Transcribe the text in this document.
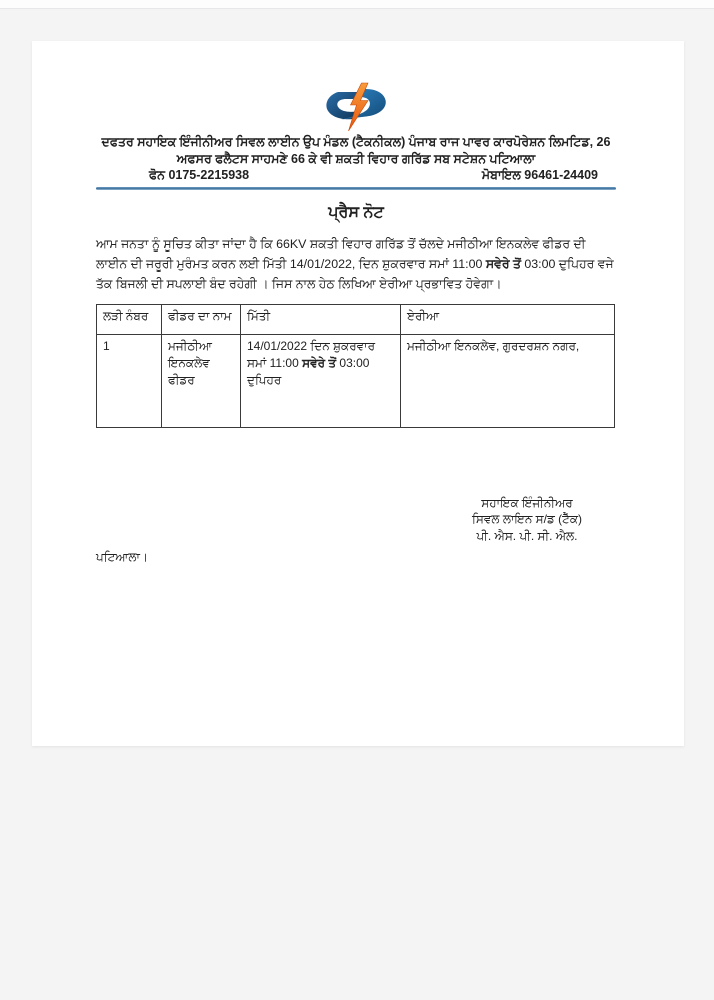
ਦਫਤਰ ਸਹਾਇਕ ਇੰਜੀਨੀਅਰ ਸਿਵਲ ਲਾਈਨ ਉਪ ਮੰਡਲ (ਟੈਕਨੀਕਲ) ਪੰਜਾਬ ਰਾਜ ਪਾਵਰ ਕਾਰਪੋਰੇਸ਼ਨ ਲਿਮਟਿਡ, 26
ਅਫਸਰ ਫਲੈਟਸ ਸਾਹਮਣੇ 66 ਕੇ ਵੀ ਸ਼ਕਤੀ ਵਿਹਾਰ ਗਰਿੱਡ ਸਬ ਸਟੇਸ਼ਨ ਪਟਿਆਲਾ
ਫੋਨ 0175-2215938	ਮੋਬਾਇਲ 96461-24409
ਪ੍ਰੈਸ ਨੋਟ

ਆਮ ਜਨਤਾ ਨੂੰ ਸੂਚਿਤ ਕੀਤਾ ਜਾਂਦਾ ਹੈ ਕਿ 66KV ਸ਼ਕਤੀ ਵਿਹਾਰ ਗਰਿੱਡ ਤੋਂ ਚੱਲਦੇ ਮਜੀਠੀਆ ਇਨਕਲੇਵ ਫੀਡਰ ਦੀ ਲਾਈਨ ਦੀ ਜਰੂਰੀ ਮੁਰੰਮਤ ਕਰਨ ਲਈ ਮਿੱਤੀ 14/01/2022, ਦਿਨ ਸ਼ੁਕਰਵਾਰ ਸਮਾਂ 11:00 ਸਵੇਰੇ ਤੋਂ 03:00 ਦੁਪਿਹਰ ਵਜੇ ਤੱਕ ਬਿਜਲੀ ਦੀ ਸਪਲਾਈ ਬੰਦ ਰਹੇਗੀ । ਜਿਸ ਨਾਲ ਹੇਠ ਲਿਖਿਆ ਏਰੀਆ ਪ੍ਰਭਾਵਿਤ ਹੋਵੇਗਾ।

ਲੜੀ ਨੰਬਰ	ਫੀਡਰ ਦਾ ਨਾਮ	ਮਿੱਤੀ	ਏਰੀਆ
1	ਮਜੀਠੀਆ ਇਨਕਲੇਵ ਫੀਡਰ	14/01/2022 ਦਿਨ ਸ਼ੁਕਰਵਾਰ ਸਮਾਂ 11:00 ਸਵੇਰੇ ਤੋਂ 03:00 ਦੁਪਿਹਰ	ਮਜੀਠੀਆ ਇਨਕਲੇਵ, ਗੁਰਦਰਸ਼ਨ ਨਗਰ,
ਸਹਾਇਕ ਇੰਜੀਨੀਅਰ
ਸਿਵਲ ਲਾਇਨ ਸ/ਡ (ਟੈੱਕ)
ਪੀ. ਐਸ. ਪੀ. ਸੀ. ਐਲ.
ਪਟਿਆਲਾ।
